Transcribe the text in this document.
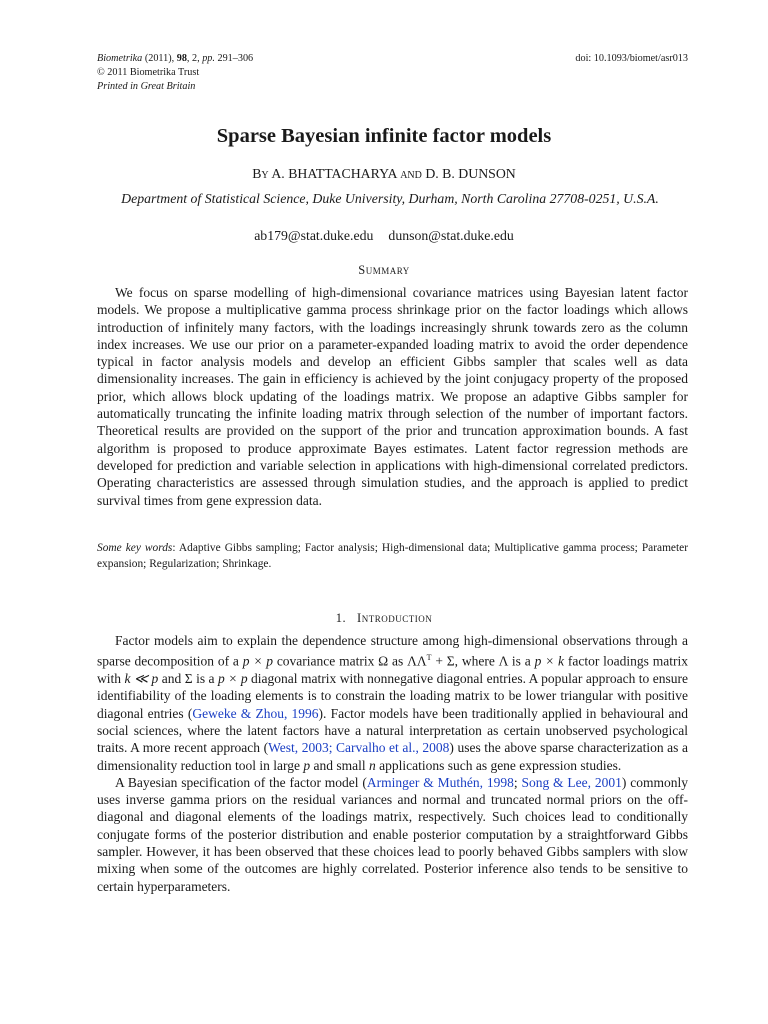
Biometrika (2011), 98, 2, pp. 291–306
© 2011 Biometrika Trust
Printed in Great Britain
doi: 10.1093/biomet/asr013
Sparse Bayesian infinite factor models
By A. BHATTACHARYA and D. B. DUNSON
Department of Statistical Science, Duke University, Durham, North Carolina 27708-0251, U.S.A.
ab179@stat.duke.edu dunson@stat.duke.edu
Summary

We focus on sparse modelling of high-dimensional covariance matrices using Bayesian latent factor models. We propose a multiplicative gamma process shrinkage prior on the factor loadings which allows introduction of infinitely many factors, with the loadings increasingly shrunk towards zero as the column index increases. We use our prior on a parameter-expanded loading matrix to avoid the order dependence typical in factor analysis models and develop an efficient Gibbs sampler that scales well as data dimensionality increases. The gain in efficiency is achieved by the joint conjugacy property of the proposed prior, which allows block updating of the loadings matrix. We propose an adaptive Gibbs sampler for automatically truncating the infinite loading matrix through selection of the number of important factors. Theoretical results are provided on the support of the prior and truncation approximation bounds. A fast algorithm is proposed to produce approximate Bayes estimates. Latent factor regression methods are developed for prediction and variable selection in applications with high-dimensional correlated predictors. Operating characteristics are assessed through simulation studies, and the approach is applied to predict survival times from gene expression data.

Some key words: Adaptive Gibbs sampling; Factor analysis; High-dimensional data; Multiplicative gamma process; Parameter expansion; Regularization; Shrinkage.

1. Introduction

Factor models aim to explain the dependence structure among high-dimensional observations through a sparse decomposition of a p × p covariance matrix Ω as $\Lambda\Lambda^T + \Sigma$, where Λ is a p × k factor loadings matrix with k ≪ p and Σ is a p × p diagonal matrix with nonnegative diagonal entries. A popular approach to ensure identifiability of the loading elements is to constrain the loading matrix to be lower triangular with positive diagonal entries (Geweke & Zhou, 1996). Factor models have been traditionally applied in behavioural and social sciences, where the latent factors have a natural interpretation as certain unobserved psychological traits. A more recent approach (West, 2003; Carvalho et al., 2008) uses the above sparse characterization as a dimensionality reduction tool in large p and small n applications such as gene expression studies.

A Bayesian specification of the factor model (Arminger & Muthén, 1998; Song & Lee, 2001) commonly uses inverse gamma priors on the residual variances and normal and truncated normal priors on the off-diagonal and diagonal elements of the loadings matrix, respectively. Such choices lead to conditionally conjugate forms of the posterior distribution and enable posterior computation by a straightforward Gibbs sampler. However, it has been observed that these choices lead to poorly behaved Gibbs samplers with slow mixing when some of the outcomes are highly correlated. Posterior inference also tends to be sensitive to certain hyperparameters.
